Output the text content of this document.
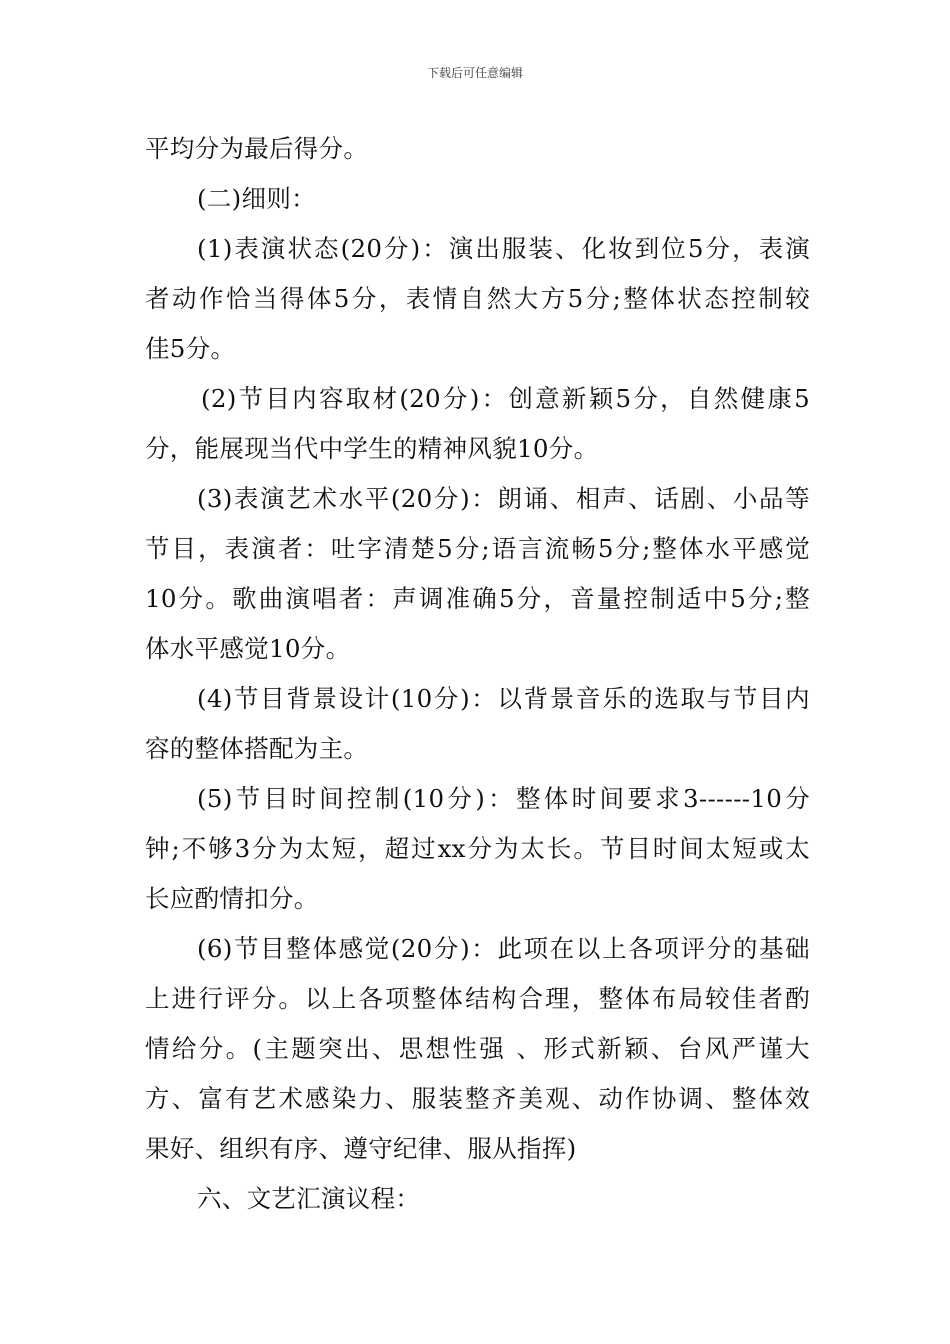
下载后可任意编辑
平均分为最后得分。
(二)细则：
(1)表演状态(20分)：演出服装、化妆到位5分，表演
者动作恰当得体5分，表情自然大方5分;整体状态控制较
佳5分。
(2)节目内容取材(20分)：创意新颖5分，自然健康5
分，能展现当代中学生的精神风貌10分。
(3)表演艺术水平(20分)：朗诵、相声、话剧、小品等
节目，表演者：吐字清楚5分;语言流畅5分;整体水平感觉
10分。歌曲演唱者：声调准确5分，音量控制适中5分;整
体水平感觉10分。
(4)节目背景设计(10分)：以背景音乐的选取与节目内
容的整体搭配为主。
(5)节目时间控制(10分)：整体时间要求3------10分
钟;不够3分为太短，超过xx分为太长。节目时间太短或太
长应酌情扣分。
(6)节目整体感觉(20分)：此项在以上各项评分的基础
上进行评分。以上各项整体结构合理，整体布局较佳者酌
情给分。(主题突出、思想性强 、形式新颖、台风严谨大
方、富有艺术感染力、服装整齐美观、动作协调、整体效
果好、组织有序、遵守纪律、服从指挥)
六、文艺汇演议程：
